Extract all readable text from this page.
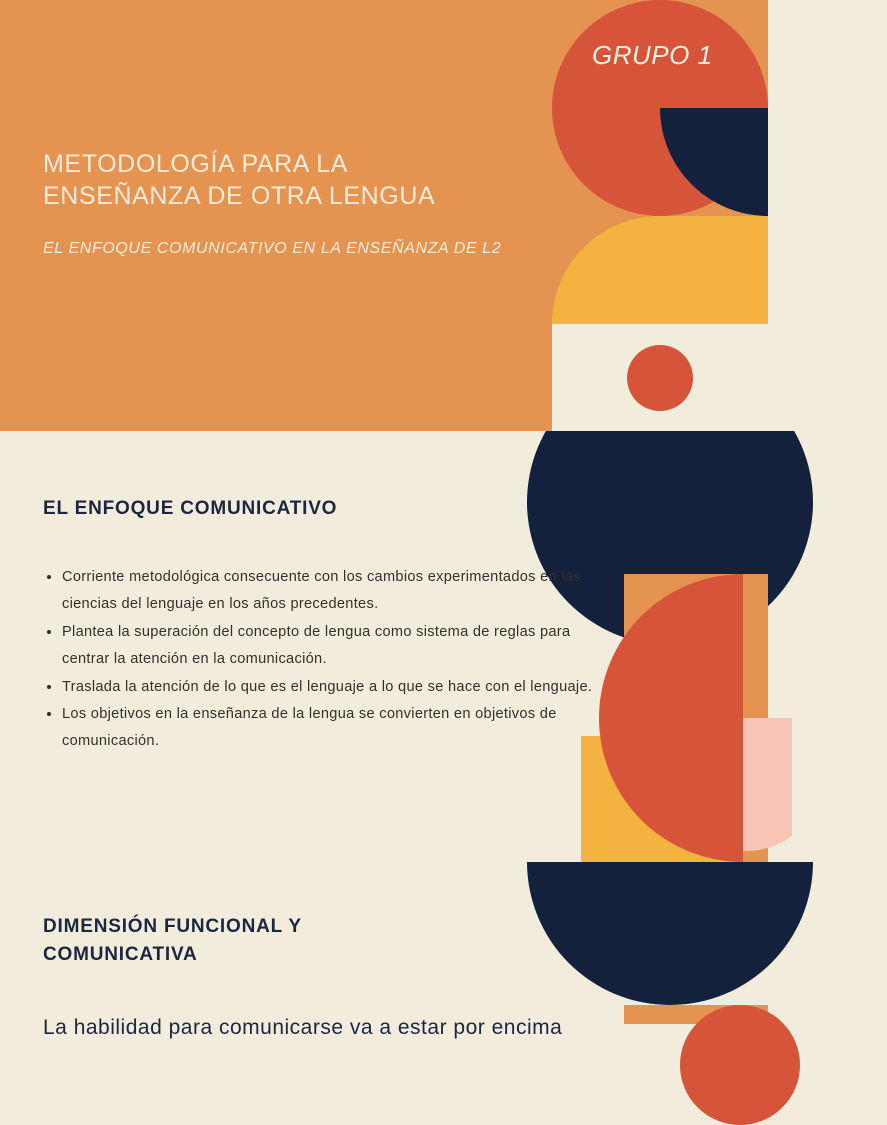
GRUPO 1
METODOLOGÍA PARA LA
ENSEÑANZA DE OTRA LENGUA
EL ENFOQUE COMUNICATIVO EN LA ENSEÑANZA DE L2
EL ENFOQUE COMUNICATIVO
• Corriente metodológica consecuente con los cambios experimentados en las ciencias del lenguaje en los años precedentes.
• Plantea la superación del concepto de lengua como sistema de reglas para centrar la atención en la comunicación.
• Traslada la atención de lo que es el lenguaje a lo que se hace con el lenguaje.
• Los objetivos en la enseñanza de la lengua se convierten en objetivos de comunicación.
DIMENSIÓN FUNCIONAL Y
COMUNICATIVA
La habilidad para comunicarse va a estar por encima
